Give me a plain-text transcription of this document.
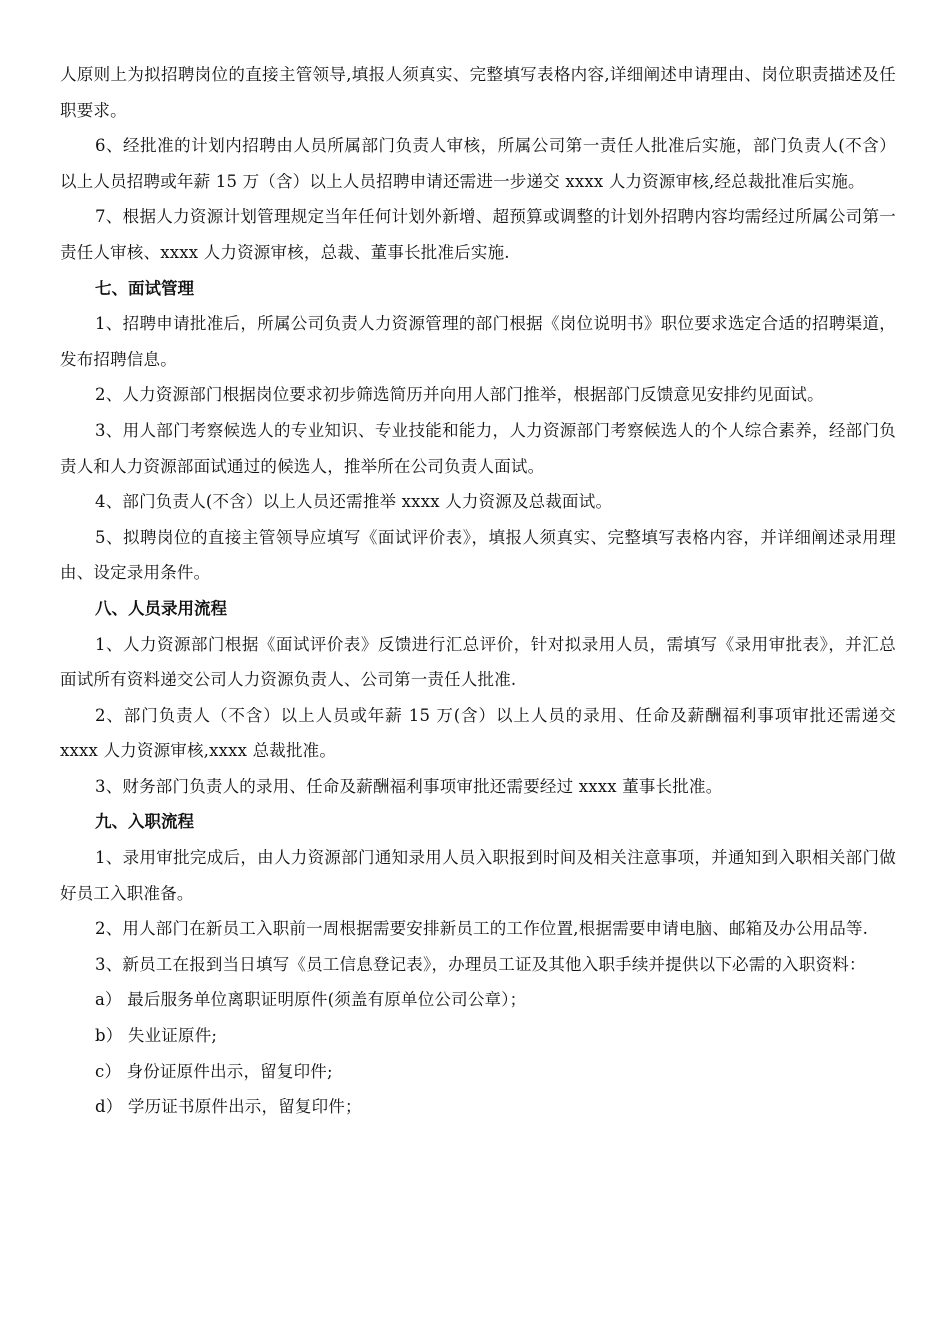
人原则上为拟招聘岗位的直接主管领导,填报人须真实、完整填写表格内容,详细阐述申请理由、岗位职责描述及任职要求。

6、经批准的计划内招聘由人员所属部门负责人审核，所属公司第一责任人批准后实施，部门负责人(不含）以上人员招聘或年薪 15 万（含）以上人员招聘申请还需进一步递交 xxxx 人力资源审核,经总裁批准后实施。

7、根据人力资源计划管理规定当年任何计划外新增、超预算或调整的计划外招聘内容均需经过所属公司第一责任人审核、xxxx 人力资源审核，总裁、董事长批准后实施.

七、面试管理

1、招聘申请批准后，所属公司负责人力资源管理的部门根据《岗位说明书》职位要求选定合适的招聘渠道，发布招聘信息。

2、人力资源部门根据岗位要求初步筛选简历并向用人部门推举，根据部门反馈意见安排约见面试。

3、用人部门考察候选人的专业知识、专业技能和能力，人力资源部门考察候选人的个人综合素养，经部门负责人和人力资源部面试通过的候选人，推举所在公司负责人面试。

4、部门负责人(不含）以上人员还需推举 xxxx 人力资源及总裁面试。

5、拟聘岗位的直接主管领导应填写《面试评价表》，填报人须真实、完整填写表格内容，并详细阐述录用理由、设定录用条件。

八、人员录用流程

1、人力资源部门根据《面试评价表》反馈进行汇总评价，针对拟录用人员，需填写《录用审批表》，并汇总面试所有资料递交公司人力资源负责人、公司第一责任人批准.

2、部门负责人（不含）以上人员或年薪 15 万(含）以上人员的录用、任命及薪酬福利事项审批还需递交 xxxx 人力资源审核,xxxx 总裁批准。

3、财务部门负责人的录用、任命及薪酬福利事项审批还需要经过 xxxx 董事长批准。

九、入职流程

1、录用审批完成后，由人力资源部门通知录用人员入职报到时间及相关注意事项，并通知到入职相关部门做好员工入职准备。

2、用人部门在新员工入职前一周根据需要安排新员工的工作位置,根据需要申请电脑、邮箱及办公用品等.

3、新员工在报到当日填写《员工信息登记表》，办理员工证及其他入职手续并提供以下必需的入职资料：

a） 最后服务单位离职证明原件(须盖有原单位公司公章）；

b） 失业证原件;

c） 身份证原件出示，留复印件;

d） 学历证书原件出示，留复印件；
